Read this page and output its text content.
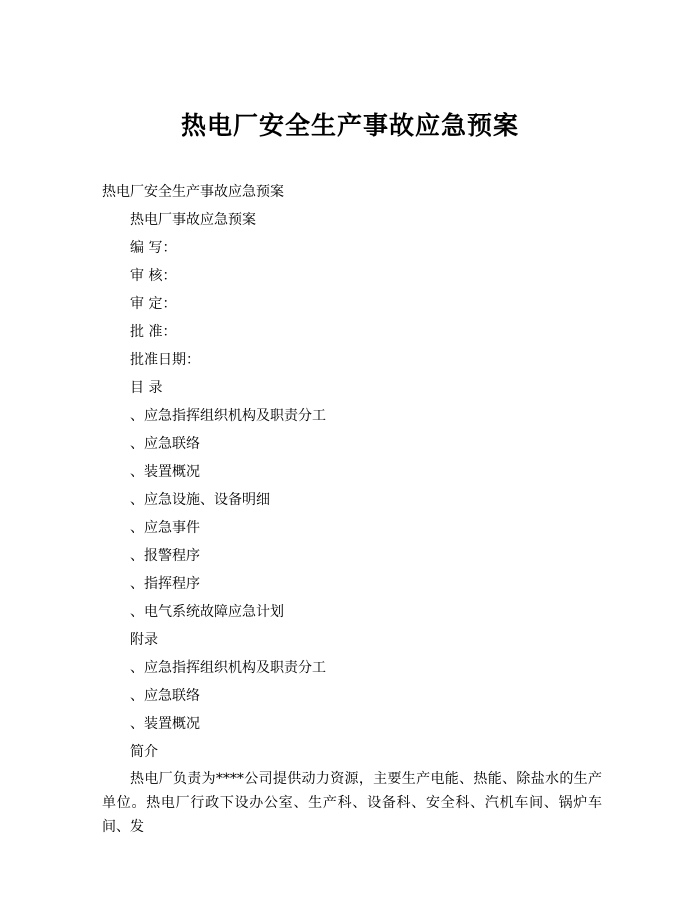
热电厂安全生产事故应急预案
热电厂安全生产事故应急预案
热电厂事故应急预案
编 写：
审 核：
审 定：
批 准：
批准日期：
目 录
、应急指挥组织机构及职责分工
、应急联络
、装置概况
、应急设施、设备明细
、应急事件
、报警程序
、指挥程序
、电气系统故障应急计划
附录
、应急指挥组织机构及职责分工
、应急联络
、装置概况
简介
热电厂负责为****公司提供动力资源，主要生产电能、热能、除盐水的生产单位。热电厂行政下设办公室、生产科、设备科、安全科、汽机车间、锅炉车间、发
